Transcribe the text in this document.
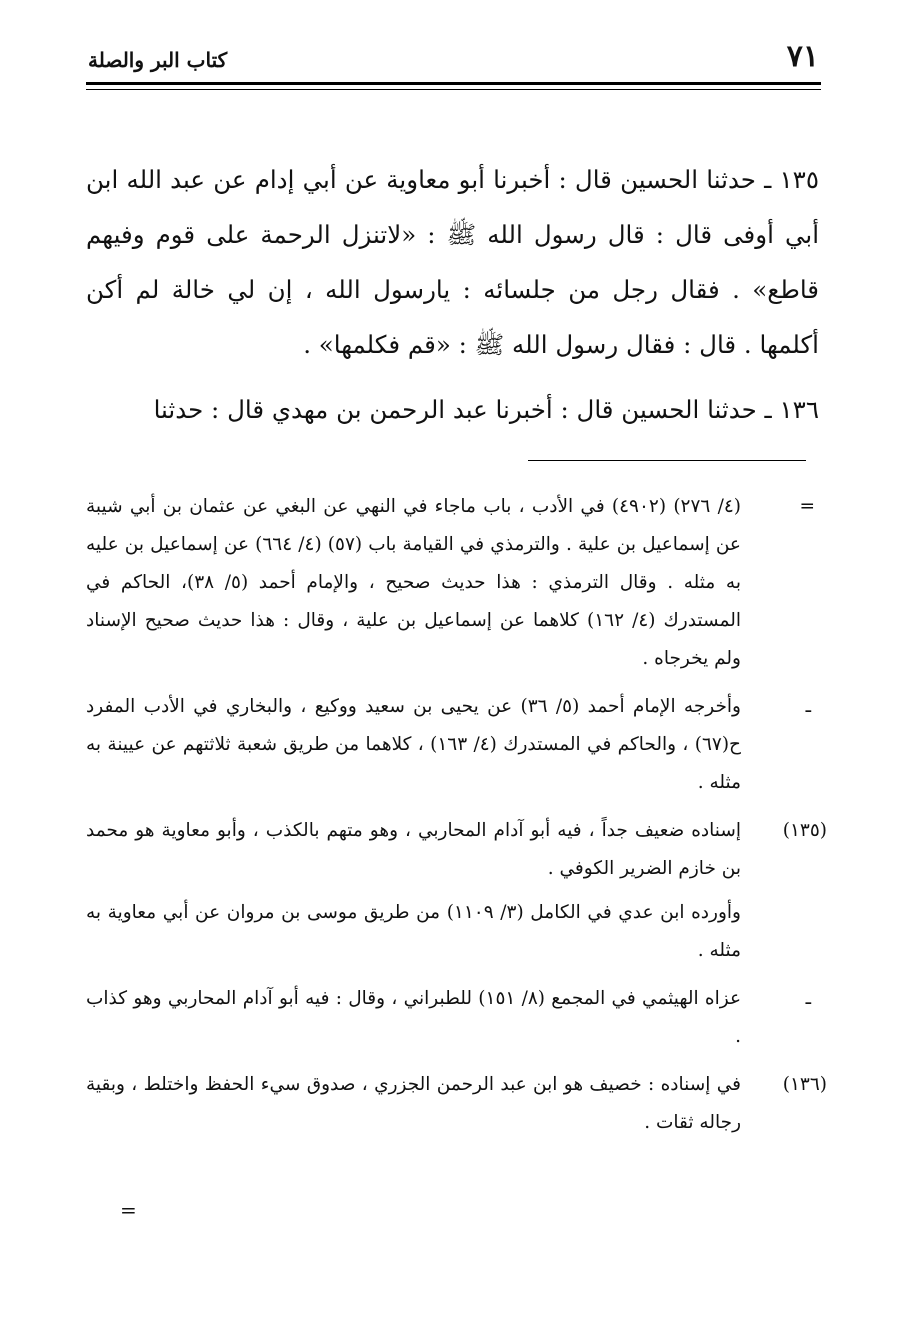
٧١
كتاب البر والصلة

١٣٥ ـ حدثنا الحسين قال : أخبرنا أبو معاوية عن أبي إدام عن عبد الله ابن أبي أوفى قال : قال رسول الله ﷺ : «لاتنزل الرحمة على قوم وفيهم قاطع» . فقال رجل من جلسائه : يارسول الله ، إن لي خالة لم أكن أكلمها . قال : فقال رسول الله ﷺ : «قم فكلمها» .

١٣٦ ـ حدثنا الحسين قال : أخبرنا عبد الرحمن بن مهدي قال : حدثنا

=
(٤/ ٢٧٦) (٤٩٠٢) في الأدب ، باب ماجاء في النهي عن البغي عن عثمان بن أبي شيبة عن إسماعيل بن علية . والترمذي في القيامة باب (٥٧) (٤/ ٦٦٤) عن إسماعيل بن عليه به مثله . وقال الترمذي : هذا حديث صحيح ، والإمام أحمد (٥/ ٣٨)، الحاكم في المستدرك (٤/ ١٦٢) كلاهما عن إسماعيل بن علية ، وقال : هذا حديث صحيح الإسناد ولم يخرجاه .
ـ
وأخرجه الإمام أحمد (٥/ ٣٦) عن يحيى بن سعيد ووكيع ، والبخاري في الأدب المفرد ح(٦٧) ، والحاكم في المستدرك (٤/ ١٦٣) ، كلاهما من طريق شعبة ثلاثتهم عن عيينة به مثله .
(١٣٥)
إسناده ضعيف جداً ، فيه أبو آدام المحاربي ، وهو متهم بالكذب ، وأبو معاوية هو محمد بن خازم الضرير الكوفي .
وأورده ابن عدي في الكامل (٣/ ١١٠٩) من طريق موسى بن مروان عن أبي معاوية به مثله .
ـ
عزاه الهيثمي في المجمع (٨/ ١٥١) للطبراني ، وقال : فيه أبو آدام المحاربي وهو كذاب .
(١٣٦)
في إسناده : خصيف هو ابن عبد الرحمن الجزري ، صدوق سيء الحفظ واختلط ، وبقية رجاله ثقات .
=
